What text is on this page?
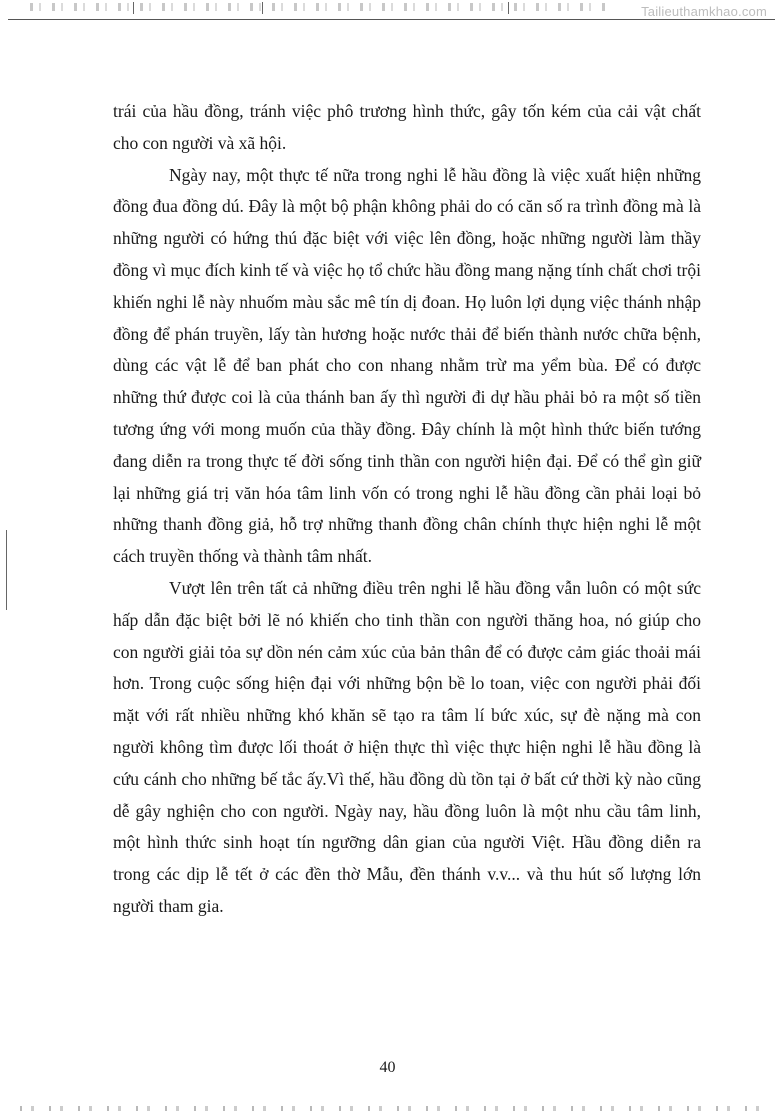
Tailieuthamkhao.com

trái của hầu đồng, tránh việc phô trương hình thức, gây tốn kém của cải vật chất cho con người và xã hội.

Ngày nay, một thực tế nữa trong nghi lễ hầu đồng là việc xuất hiện những đồng đua đồng dú. Đây là một bộ phận không phải do có căn số ra trình đồng mà là những người có hứng thú đặc biệt với việc lên đồng, hoặc những người làm thầy đồng vì mục đích kinh tế và việc họ tổ chức hầu đồng mang nặng tính chất chơi trội khiến nghi lễ này nhuốm màu sắc mê tín dị đoan. Họ luôn lợi dụng việc thánh nhập đồng để phán truyền, lấy tàn hương hoặc nước thải để biến thành nước chữa bệnh, dùng các vật lễ để ban phát cho con nhang nhằm trừ ma yểm bùa. Để có được những thứ được coi là của thánh ban ấy thì người đi dự hầu phải bỏ ra một số tiền tương ứng với mong muốn của thầy đồng. Đây chính là một hình thức biến tướng đang diễn ra trong thực tế đời sống tinh thần con người hiện đại. Để có thể gìn giữ lại những giá trị văn hóa tâm linh vốn có trong nghi lễ hầu đồng cần phải loại bỏ những thanh đồng giả, hỗ trợ những thanh đồng chân chính thực hiện nghi lễ một cách truyền thống và thành tâm nhất.

Vượt lên trên tất cả những điều trên nghi lễ hầu đồng vẫn luôn có một sức hấp dẫn đặc biệt bởi lẽ nó khiến cho tinh thần con người thăng hoa, nó giúp cho con người giải tỏa sự dồn nén cảm xúc của bản thân để có được cảm giác thoải mái hơn. Trong cuộc sống hiện đại với những bộn bề lo toan, việc con người phải đối mặt với rất nhiều những khó khăn sẽ tạo ra tâm lí bức xúc, sự đè nặng mà con người không tìm được lối thoát ở hiện thực thì việc thực hiện nghi lễ hầu đồng là cứu cánh cho những bế tắc ấy.Vì thế, hầu đồng dù tồn tại ở bất cứ thời kỳ nào cũng dễ gây nghiện cho con người. Ngày nay, hầu đồng luôn là một nhu cầu tâm linh, một hình thức sinh hoạt tín ngưỡng dân gian của người Việt. Hầu đồng diễn ra trong các dịp lễ tết ở các đền thờ Mẫu, đền thánh v.v... và thu hút số lượng lớn người tham gia.

40
